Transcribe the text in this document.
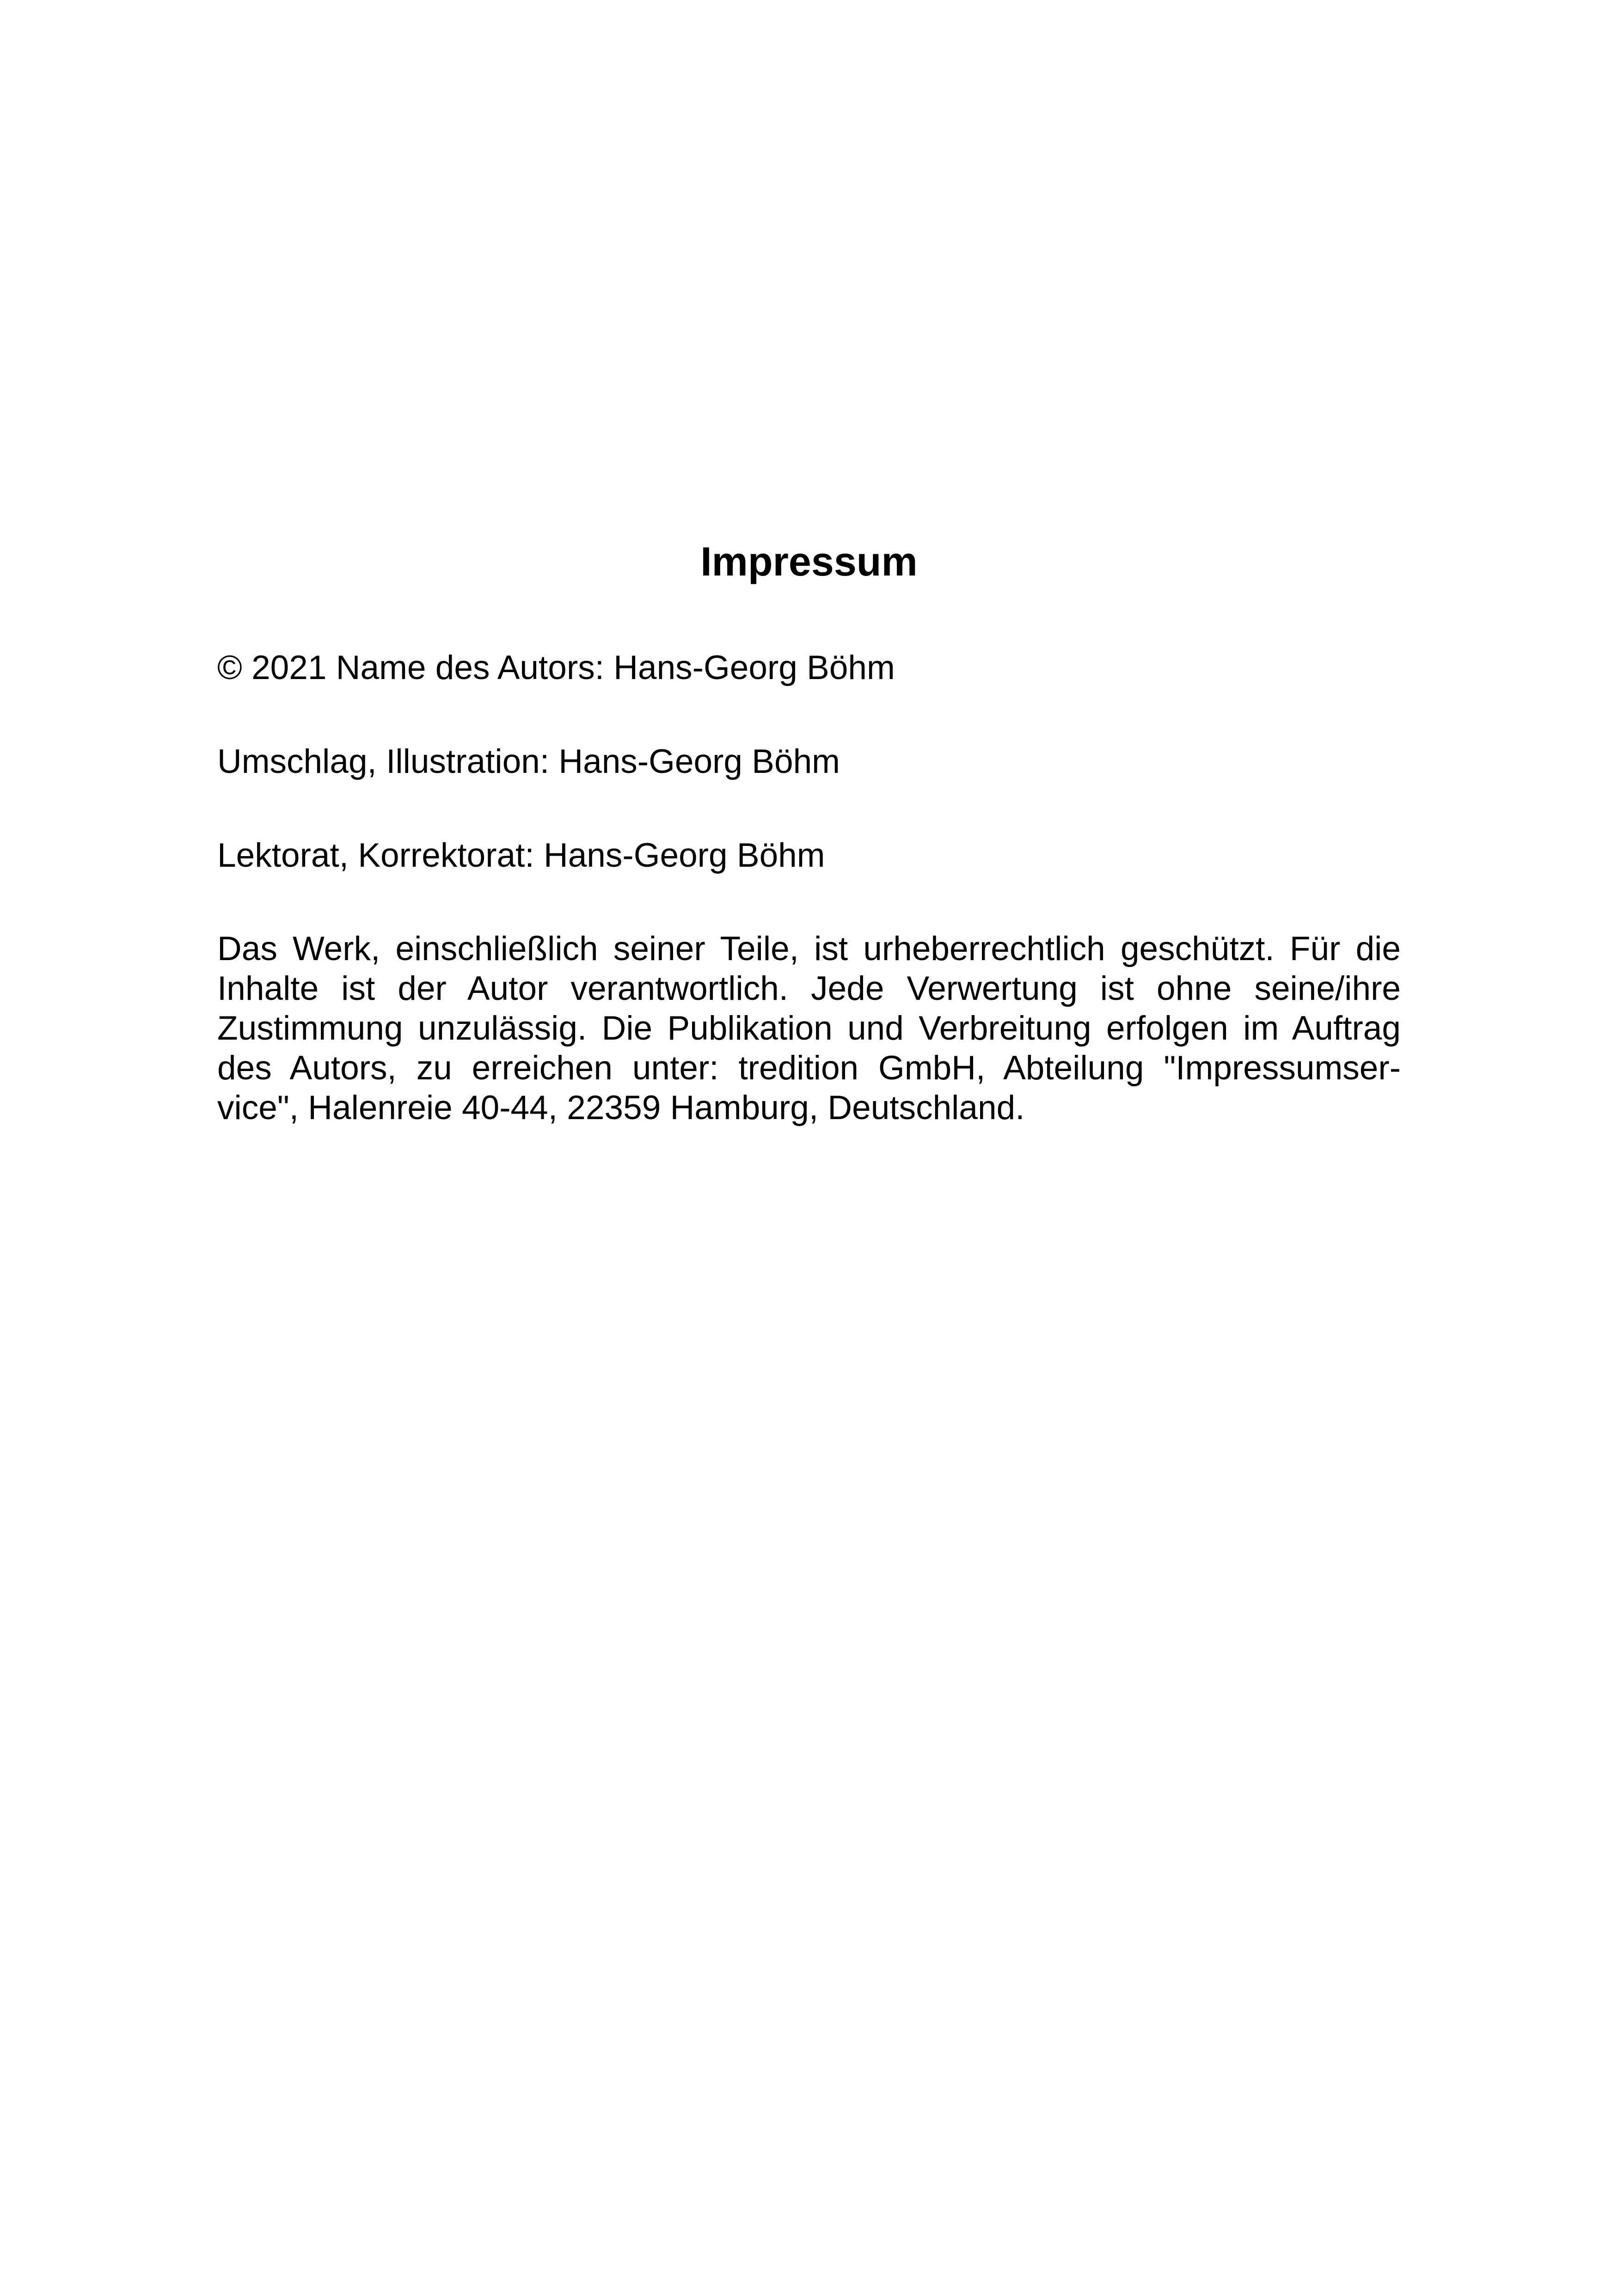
Impressum

© 2021 Name des Autors: Hans-Georg Böhm

Umschlag, Illustration: Hans-Georg Böhm

Lektorat, Korrektorat: Hans-Georg Böhm

Das Werk, einschließlich seiner Teile, ist urheberrechtlich geschützt. Für die
Inhalte ist der Autor verantwortlich. Jede Verwertung ist ohne seine/ihre
Zustimmung unzulässig. Die Publikation und Verbreitung erfolgen im Auftrag
des Autors, zu erreichen unter: tredition GmbH, Abteilung "Impressumser-
vice", Halenreie 40-44, 22359 Hamburg, Deutschland.
